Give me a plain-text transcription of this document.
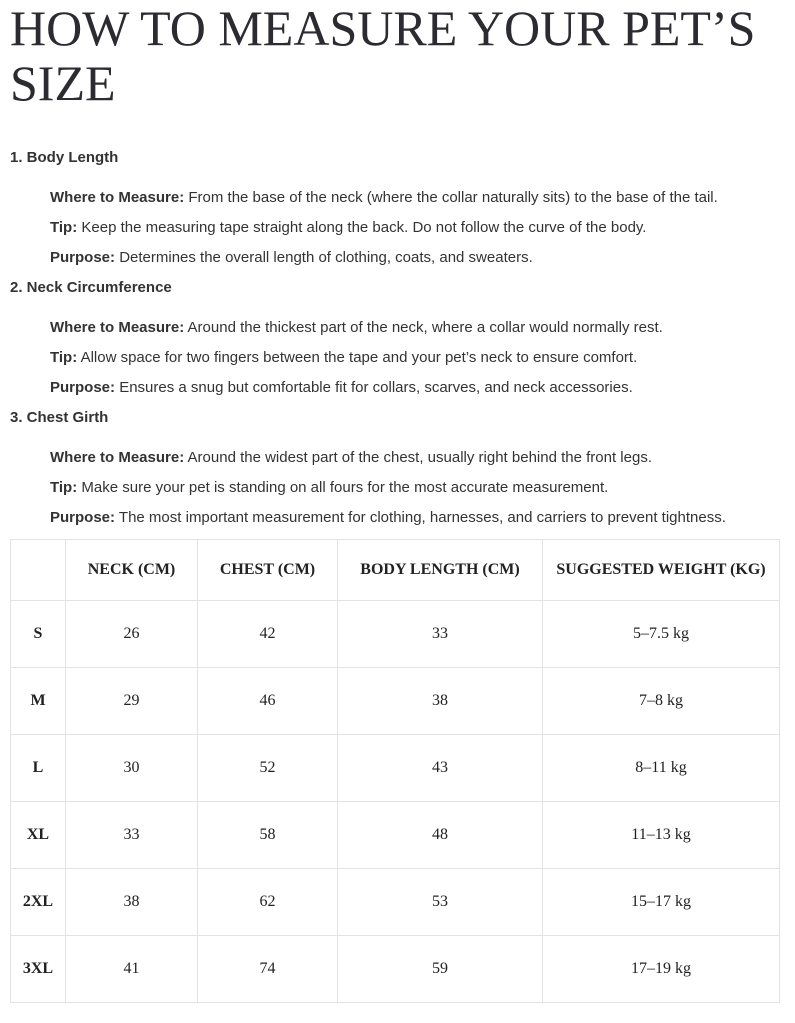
HOW TO MEASURE YOUR PET’S SIZE
1. Body Length
Where to Measure: From the base of the neck (where the collar naturally sits) to the base of the tail.
Tip: Keep the measuring tape straight along the back. Do not follow the curve of the body.
Purpose: Determines the overall length of clothing, coats, and sweaters.
2. Neck Circumference
Where to Measure: Around the thickest part of the neck, where a collar would normally rest.
Tip: Allow space for two fingers between the tape and your pet’s neck to ensure comfort.
Purpose: Ensures a snug but comfortable fit for collars, scarves, and neck accessories.
3. Chest Girth
Where to Measure: Around the widest part of the chest, usually right behind the front legs.
Tip: Make sure your pet is standing on all fours for the most accurate measurement.
Purpose: The most important measurement for clothing, harnesses, and carriers to prevent tightness.
	NECK (CM)	CHEST (CM)	BODY LENGTH (CM)	SUGGESTED WEIGHT (KG)
S	26	42	33	5–7.5 kg
M	29	46	38	7–8 kg
L	30	52	43	8–11 kg
XL	33	58	48	11–13 kg
2XL	38	62	53	15–17 kg
3XL	41	74	59	17–19 kg
